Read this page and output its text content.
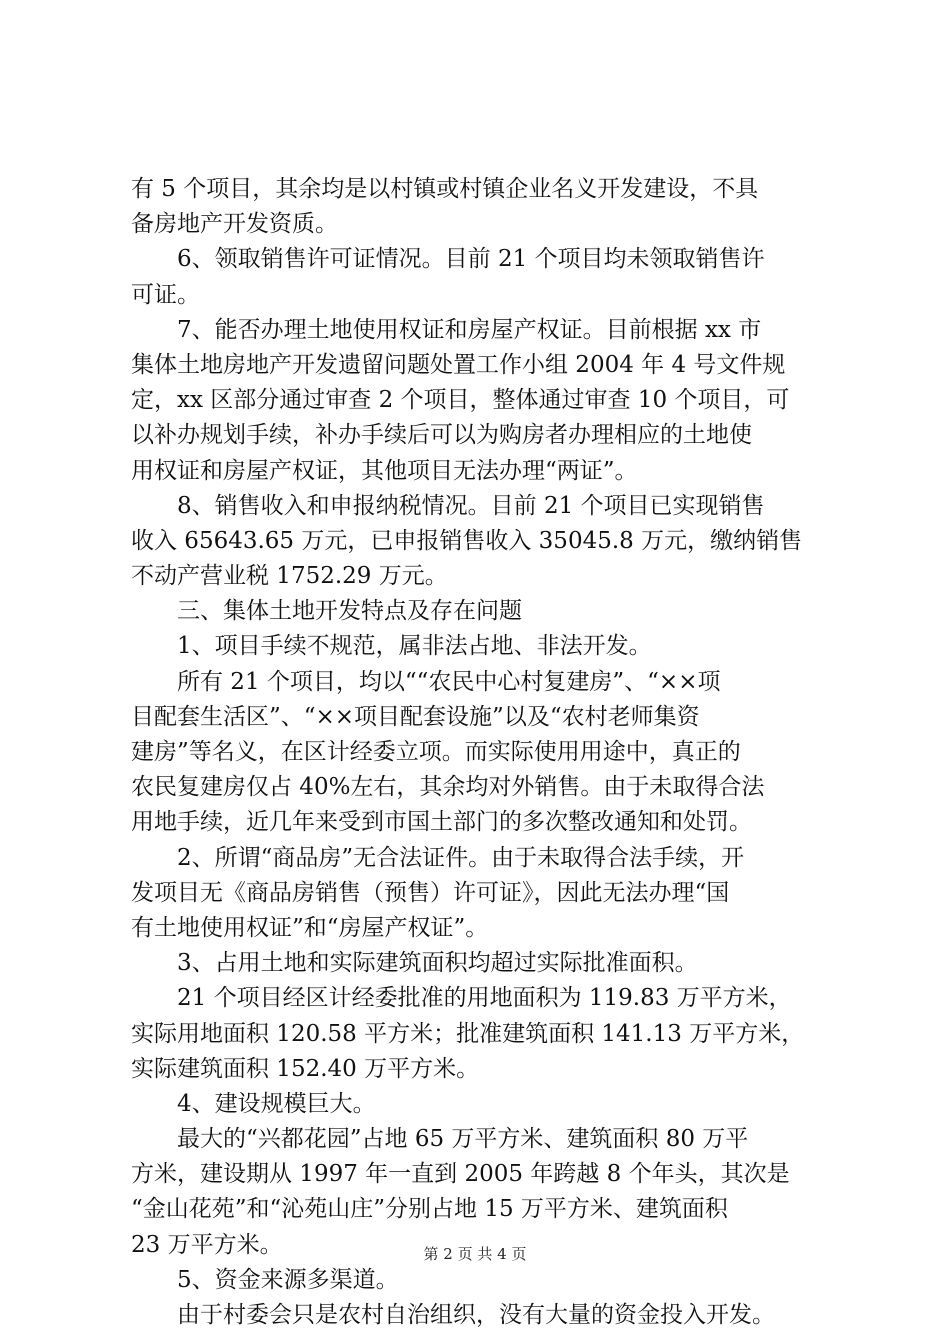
有 5 个项目，其余均是以村镇或村镇企业名义开发建设，不具
备房地产开发资质。
　　6、领取销售许可证情况。目前 21 个项目均未领取销售许
可证。
　　7、能否办理土地使用权证和房屋产权证。目前根据 xx 市
集体土地房地产开发遗留问题处置工作小组 2004 年 4 号文件规
定，xx 区部分通过审查 2 个项目，整体通过审查 10 个项目，可
以补办规划手续，补办手续后可以为购房者办理相应的土地使
用权证和房屋产权证，其他项目无法办理“两证”。
　　8、销售收入和申报纳税情况。目前 21 个项目已实现销售
收入 65643.65 万元，已申报销售收入 35045.8 万元，缴纳销售
不动产营业税 1752.29 万元。
　　三、集体土地开发特点及存在问题
　　1、项目手续不规范，属非法占地、非法开发。
　　所有 21 个项目，均以““农民中心村复建房”、“××项
目配套生活区”、“××项目配套设施”以及“农村老师集资
建房”等名义，在区计经委立项。而实际使用用途中，真正的
农民复建房仅占 40%左右，其余均对外销售。由于未取得合法
用地手续，近几年来受到市国土部门的多次整改通知和处罚。
　　2、所谓“商品房”无合法证件。由于未取得合法手续，开
发项目无《商品房销售（预售）许可证》，因此无法办理“国
有土地使用权证”和“房屋产权证”。
　　3、占用土地和实际建筑面积均超过实际批准面积。
　　21 个项目经区计经委批准的用地面积为 119.83 万平方米，
实际用地面积 120.58 平方米；批准建筑面积 141.13 万平方米，
实际建筑面积 152.40 万平方米。
　　4、建设规模巨大。
　　最大的“兴都花园”占地 65 万平方米、建筑面积 80 万平
方米，建设期从 1997 年一直到 2005 年跨越 8 个年头，其次是
“金山花苑”和“沁苑山庄”分别占地 15 万平方米、建筑面积
23 万平方米。
　　5、资金来源多渠道。
　　由于村委会只是农村自治组织，没有大量的资金投入开发。
第 2 页 共 4 页
